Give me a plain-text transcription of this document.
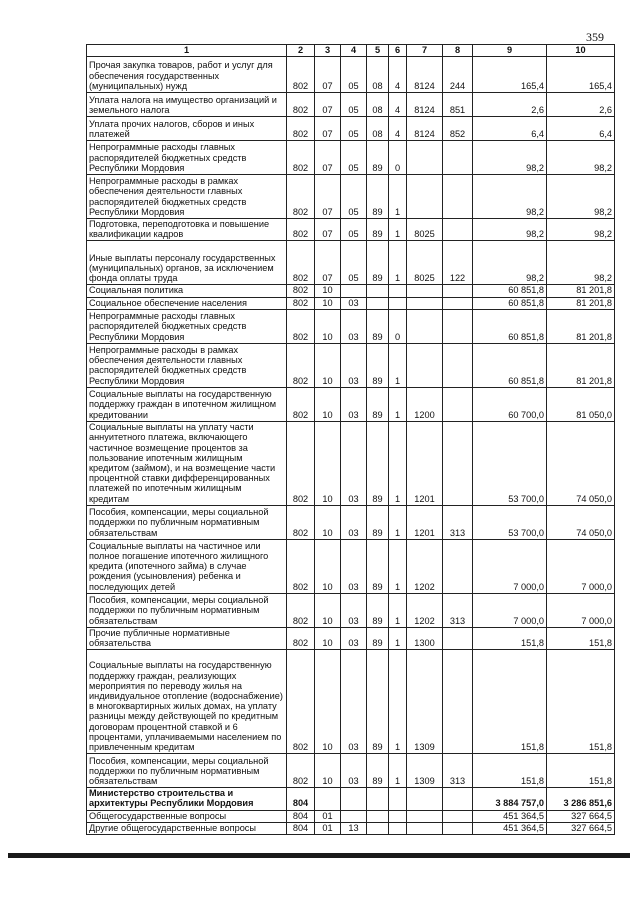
359
1	2	3	4	5	6	7	8	9	10
Прочая закупка товаров, работ и услуг для обеспечения государственных (муниципальных) нужд	802	07	05	08	4	8124	244	165,4	165,4
Уплата налога на имущество организаций и земельного налога	802	07	05	08	4	8124	851	2,6	2,6
Уплата прочих налогов, сборов и иных платежей	802	07	05	08	4	8124	852	6,4	6,4
Непрограммные расходы главных распорядителей бюджетных средств Республики Мордовия	802	07	05	89	0			98,2	98,2
Непрограммные расходы в рамках обеспечения деятельности главных распорядителей бюджетных средств Республики Мордовия	802	07	05	89	1			98,2	98,2
Подготовка, переподготовка и повышение квалификации кадров	802	07	05	89	1	8025		98,2	98,2
Иные выплаты персоналу государственных (муниципальных) органов, за исключением фонда оплаты труда	802	07	05	89	1	8025	122	98,2	98,2
Социальная политика	802	10						60 851,8	81 201,8
Социальное обеспечение населения	802	10	03					60 851,8	81 201,8
Непрограммные расходы главных распорядителей бюджетных средств Республики Мордовия	802	10	03	89	0			60 851,8	81 201,8
Непрограммные расходы в рамках обеспечения деятельности главных распорядителей бюджетных средств Республики Мордовия	802	10	03	89	1			60 851,8	81 201,8
Социальные выплаты на государственную поддержку граждан в ипотечном жилищном кредитовании	802	10	03	89	1	1200		60 700,0	81 050,0
Социальные выплаты на уплату части аннуитетного платежа, включающего частичное возмещение процентов за пользование ипотечным жилищным кредитом (займом), и на возмещение части процентной ставки дифференцированных платежей по ипотечным жилищным кредитам	802	10	03	89	1	1201		53 700,0	74 050,0
Пособия, компенсации, меры социальной поддержки по публичным нормативным обязательствам	802	10	03	89	1	1201	313	53 700,0	74 050,0
Социальные выплаты на частичное или полное погашение ипотечного жилищного кредита (ипотечного займа) в случае рождения (усыновления) ребенка и последующих детей	802	10	03	89	1	1202		7 000,0	7 000,0
Пособия, компенсации, меры социальной поддержки по публичным нормативным обязательствам	802	10	03	89	1	1202	313	7 000,0	7 000,0
Прочие публичные нормативные обязательства	802	10	03	89	1	1300		151,8	151,8
Социальные выплаты на государственную поддержку граждан, реализующих мероприятия по переводу жилья на индивидуальное отопление (водоснабжение) в многоквартирных жилых домах, на уплату разницы между действующей по кредитным договорам процентной ставкой и 6 процентами, уплачиваемыми населением по привлеченным кредитам	802	10	03	89	1	1309		151,8	151,8
Пособия, компенсации, меры социальной поддержки по публичным нормативным обязательствам	802	10	03	89	1	1309	313	151,8	151,8
Министерство строительства и архитектуры Республики Мордовия	804							3 884 757,0	3 286 851,6
Общегосударственные вопросы	804	01						451 364,5	327 664,5
Другие общегосударственные вопросы	804	01	13					451 364,5	327 664,5
